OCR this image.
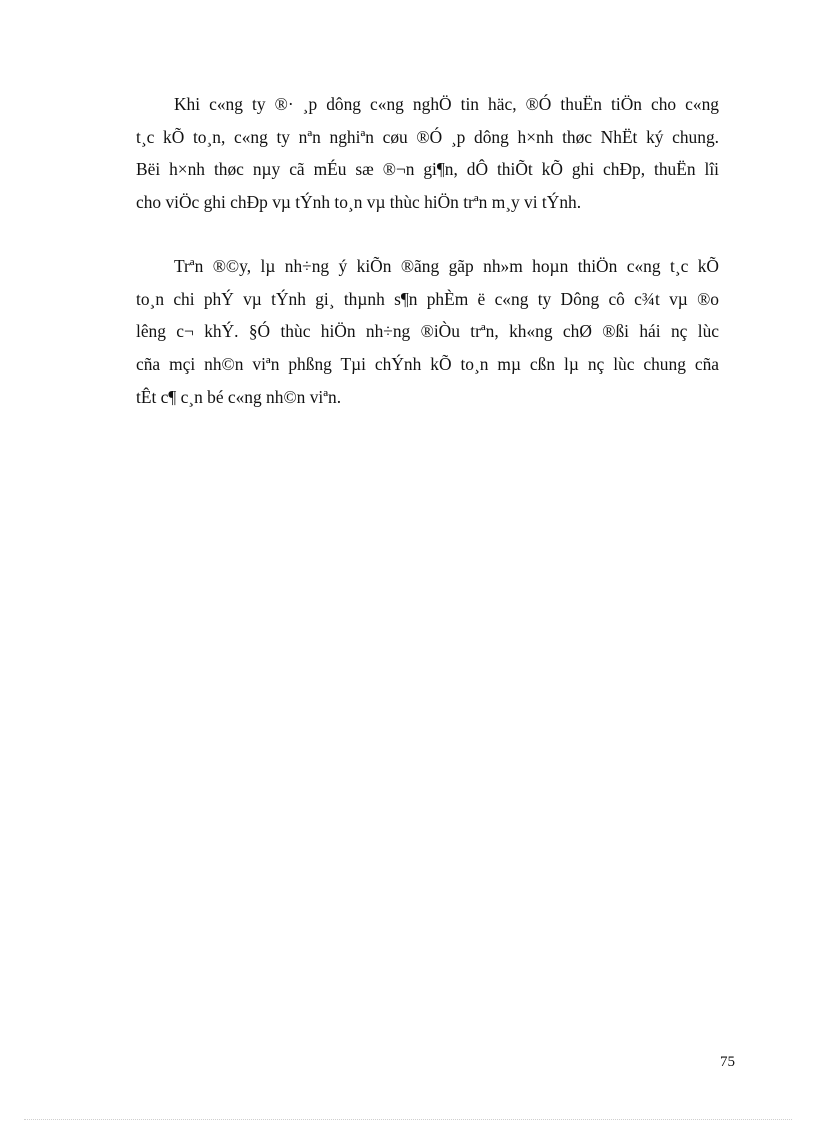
Khi c«ng ty ®· ¸p dông c«ng nghÖ tin häc, ®Ó thuËn tiÖn cho c«ng
t¸c kÕ to¸n, c«ng ty nªn nghiªn cøu ®Ó ¸p dông h×nh thøc NhËt ký chung.
Bëi h×nh thøc nµy cã mÉu sæ ®¬n gi¶n, dÔ thiÕt kÕ ghi chÐp, thuËn lîi
cho viÖc ghi chÐp vµ tÝnh to¸n vµ thùc hiÖn trªn m¸y vi tÝnh.

Trªn ®©y, lµ nh÷ng ý kiÕn ®ãng gãp nh»m hoµn thiÖn c«ng t¸c kÕ
to¸n chi phÝ vµ tÝnh gi¸ thµnh s¶n phÈm ë c«ng ty Dông cô c¾t vµ ®o
lêng c¬ khÝ. §Ó thùc hiÖn nh÷ng ®iÒu trªn, kh«ng chØ ®ßi hái nç lùc
cña mçi nh©n viªn phßng Tµi chÝnh kÕ to¸n mµ cßn lµ nç lùc chung cña
tÊt c¶ c¸n bé c«ng nh©n viªn.

75
